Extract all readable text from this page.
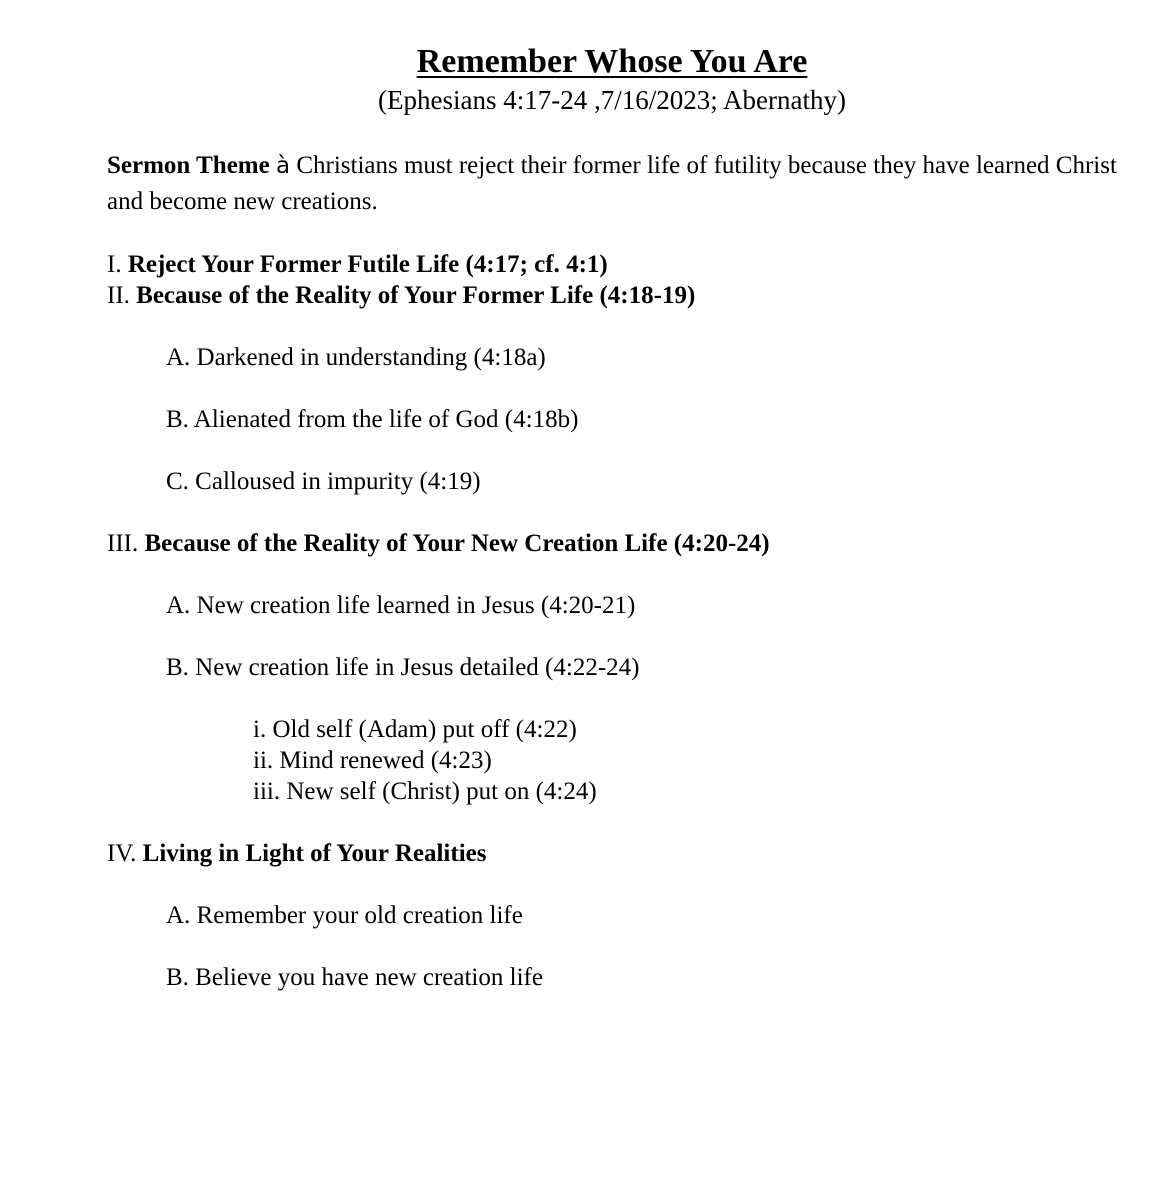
Remember Whose You Are

(Ephesians 4:17-24 ,7/16/2023; Abernathy)

Sermon Theme à Christians must reject their former life of futility because they have learned Christ and become new creations.

I. Reject Your Former Futile Life (4:17; cf. 4:1)

II. Because of the Reality of Your Former Life (4:18-19)

A. Darkened in understanding (4:18a)

B. Alienated from the life of God (4:18b)

C. Calloused in impurity (4:19)

III. Because of the Reality of Your New Creation Life (4:20-24)

A. New creation life learned in Jesus (4:20-21)

B. New creation life in Jesus detailed (4:22-24)

i. Old self (Adam) put off (4:22)

ii. Mind renewed (4:23)

iii. New self (Christ) put on (4:24)

IV. Living in Light of Your Realities

A. Remember your old creation life

B. Believe you have new creation life
